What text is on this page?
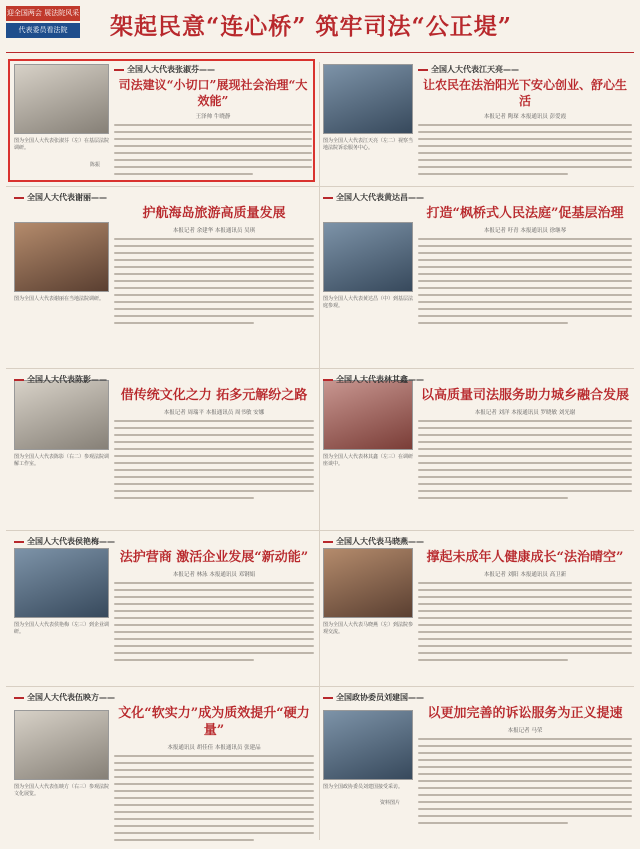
迎全国两会 展法院风采
代表委员看法院	架起民意“连心桥” 筑牢司法“公正堤”
图为全国人大代表张淑芬（左）在基层法院调研。
陈振
全国人大代表张淑芬——
司法建议“小切口”展现社会治理“大效能”
王泽帅 牛晓静
图为全国人大代表江天亮（左二）视察当地法院诉讼服务中心。
全国人大代表江天亮——
让农民在法治阳光下安心创业、舒心生活
本报记者 陶琛 本报通讯员 彭爱霞
图为全国人大代表谢丽在当地法院调研。
全国人大代表谢丽——
护航海岛旅游高质量发展
本报记者 余建华 本报通讯员 吴琪
图为全国人大代表黄达昌（中）到基层法庭参观。
全国人大代表黄达昌——
打造“枫桥式人民法庭”促基层治理
本报记者 吁青 本报通讯员 徐继琴
图为全国人大代表陈影（右二）参观法院调解工作室。
全国人大代表陈影——
借传统文化之力 拓多元解纷之路
本报记者 周瑞平 本报通讯员 周书敏 安娜
图为全国人大代表林其鑫（左三）在调研座谈中。
全国人大代表林其鑫——
以高质量司法服务助力城乡融合发展
本报记者 刘洋 本报通讯员 罗晓敏 刘光谢
图为全国人大代表侯艳梅（左三）到企业调研。
全国人大代表侯艳梅——
法护营商 激活企业发展“新动能”
本报记者 林泳 本报通讯员 邓钢娟
图为全国人大代表马晓燕（左）到法院参观交流。
全国人大代表马晓燕——
撑起未成年人健康成长“法治晴空”
本报记者 刘阳 本报通讯员 高卫新
图为全国人大代表伍映方（右三）参观法院文化展览。
全国人大代表伍映方——
文化“软实力”成为质效提升“硬力量”
本报通讯员 胡佳佳 本报通讯员 张建品
图为全国政协委员刘建国接受采访。
资料图片
全国政协委员刘建国——
以更加完善的诉讼服务为正义提速
本报记者 马荣
